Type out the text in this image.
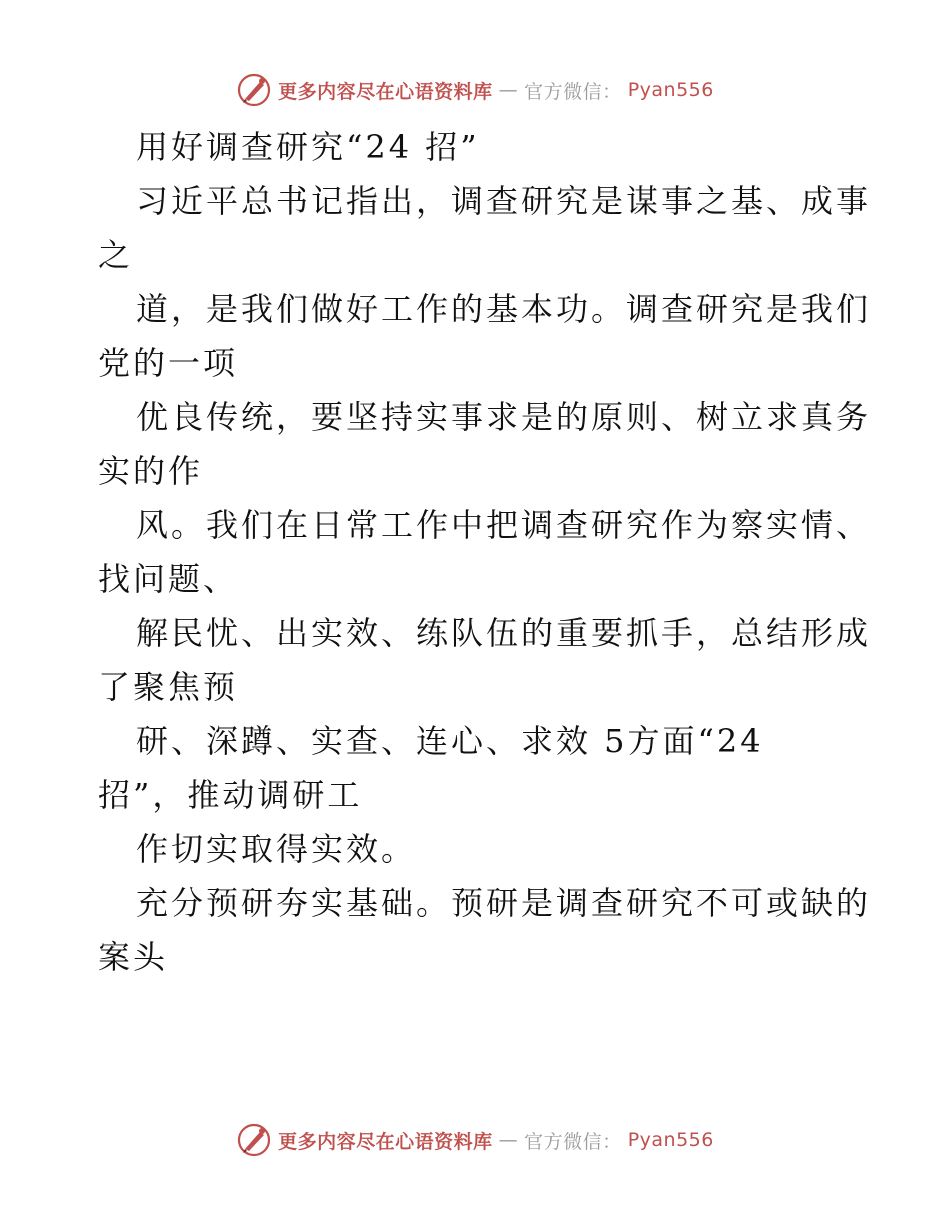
更多内容尽在心语资料库 — 官方微信： Pyan556
用好调查研究“24 招”
习近平总书记指出，调查研究是谋事之基、成事
之
道，是我们做好工作的基本功。调查研究是我们
党的一项
优良传统，要坚持实事求是的原则、树立求真务
实的作
风。我们在日常工作中把调查研究作为察实情、
找问题、
解民忧、出实效、练队伍的重要抓手，总结形成
了聚焦预
研、深蹲、实查、连心、求效 5方面“24
招”，推动调研工
作切实取得实效。
充分预研夯实基础。预研是调查研究不可或缺的
案头
更多内容尽在心语资料库 — 官方微信： Pyan556
